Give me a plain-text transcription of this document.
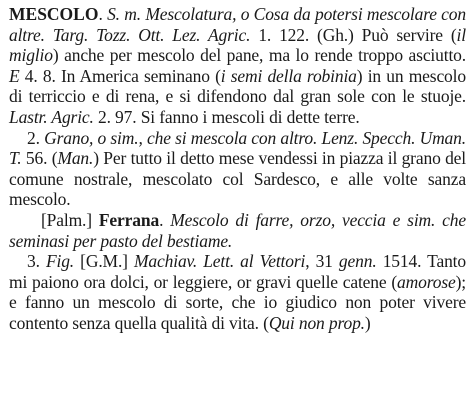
MESCOLO. S. m. Mescolatura, o Cosa da potersi mescolare con altre. Targ. Tozz. Ott. Lez. Agric. 1. 122. (Gh.) Può servire (il miglio) anche per mescolo del pane, ma lo rende troppo asciutto. E 4. 8. In America seminano (i semi della robinia) in un mescolo di terriccio e di rena, e si difendono dal gran sole con le stuoje. Lastr. Agric. 2. 97. Si fanno i mescoli di dette terre.

2. Grano, o sim., che si mescola con altro. Lenz. Specch. Uman. T. 56. (Man.) Per tutto il detto mese vendessi in piazza il grano del comune nostrale, mescolato col Sardesco, e alle volte sanza mescolo.

[Palm.] Ferrana. Mescolo di farre, orzo, veccia e sim. che seminasi per pasto del bestiame.

3. Fig. [G.M.] Machiav. Lett. al Vettori, 31 genn. 1514. Tanto mi paiono ora dolci, or leggiere, or gravi quelle catene (amorose); e fanno un mescolo di sorte, che io giudico non poter vivere contento senza quella qualità di vita. (Qui non prop.)
